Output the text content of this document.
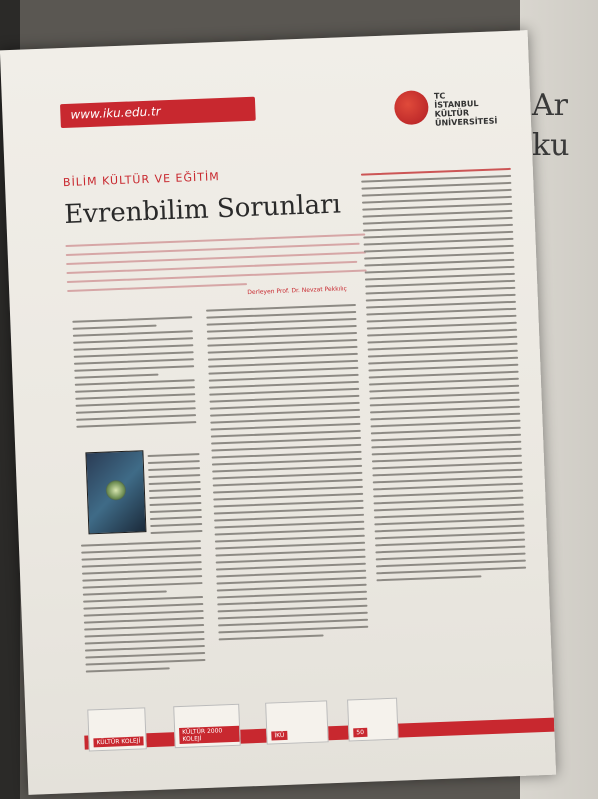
Ar
ku
www.iku.edu.tr
TC
İSTANBUL
KÜLTÜR
ÜNİVERSİTESİ
BİLİM KÜLTÜR VE EĞİTİM
Evrenbilim Sorunları
Derleyen Prof. Dr. Nevzat Pekkılıç
KÜLTÜR KOLEJİ
KÜLTÜR 2000 KOLEJİ	İKÜ	50
